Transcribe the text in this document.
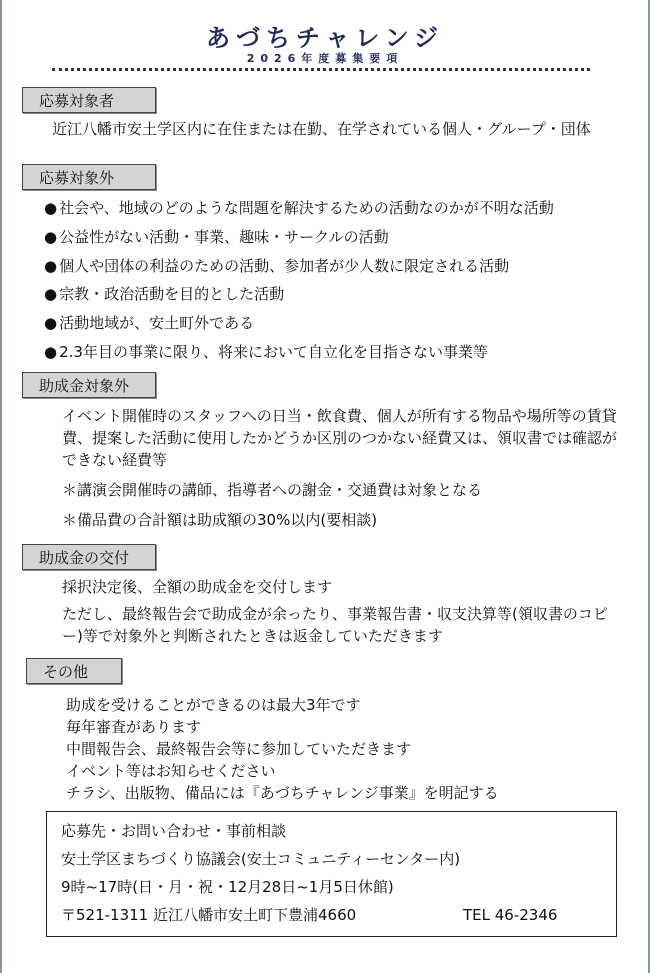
あづちチャレンジ
2026年度募集要項
応募対象者
近江八幡市安土学区内に在住または在勤、在学されている個人・グループ・団体
応募対象外
● 社会や、地域のどのような問題を解決するための活動なのかが不明な活動
● 公益性がない活動・事業、趣味・サークルの活動
● 個人や団体の利益のための活動、参加者が少人数に限定される活動
● 宗教・政治活動を目的とした活動
● 活動地域が、安土町外である
● 2.3年目の事業に限り、将来において自立化を目指さない事業等
助成金対象外
イベント開催時のスタッフへの日当・飲食費、個人が所有する物品や場所等の賃貸費、提案した活動に使用したかどうか区別のつかない経費又は、領収書では確認ができない経費等
＊講演会開催時の講師、指導者への謝金・交通費は対象となる
＊備品費の合計額は助成額の30%以内(要相談)
助成金の交付
採択決定後、全額の助成金を交付します
ただし、最終報告会で助成金が余ったり、事業報告書・収支決算等(領収書のコピー)等で対象外と判断されたときは返金していただきます
その他
助成を受けることができるのは最大3年です
毎年審査があります
中間報告会、最終報告会等に参加していただきます
イベント等はお知らせください
チラシ、出版物、備品には『あづちチャレンジ事業』を明記する
応募先・お問い合わせ・事前相談
安土学区まちづくり協議会(安土コミュニティーセンター内)
9時~17時(日・月・祝・12月28日~1月5日休館)
〒521-1311 近江八幡市安土町下豊浦4660	TEL 46-2346
